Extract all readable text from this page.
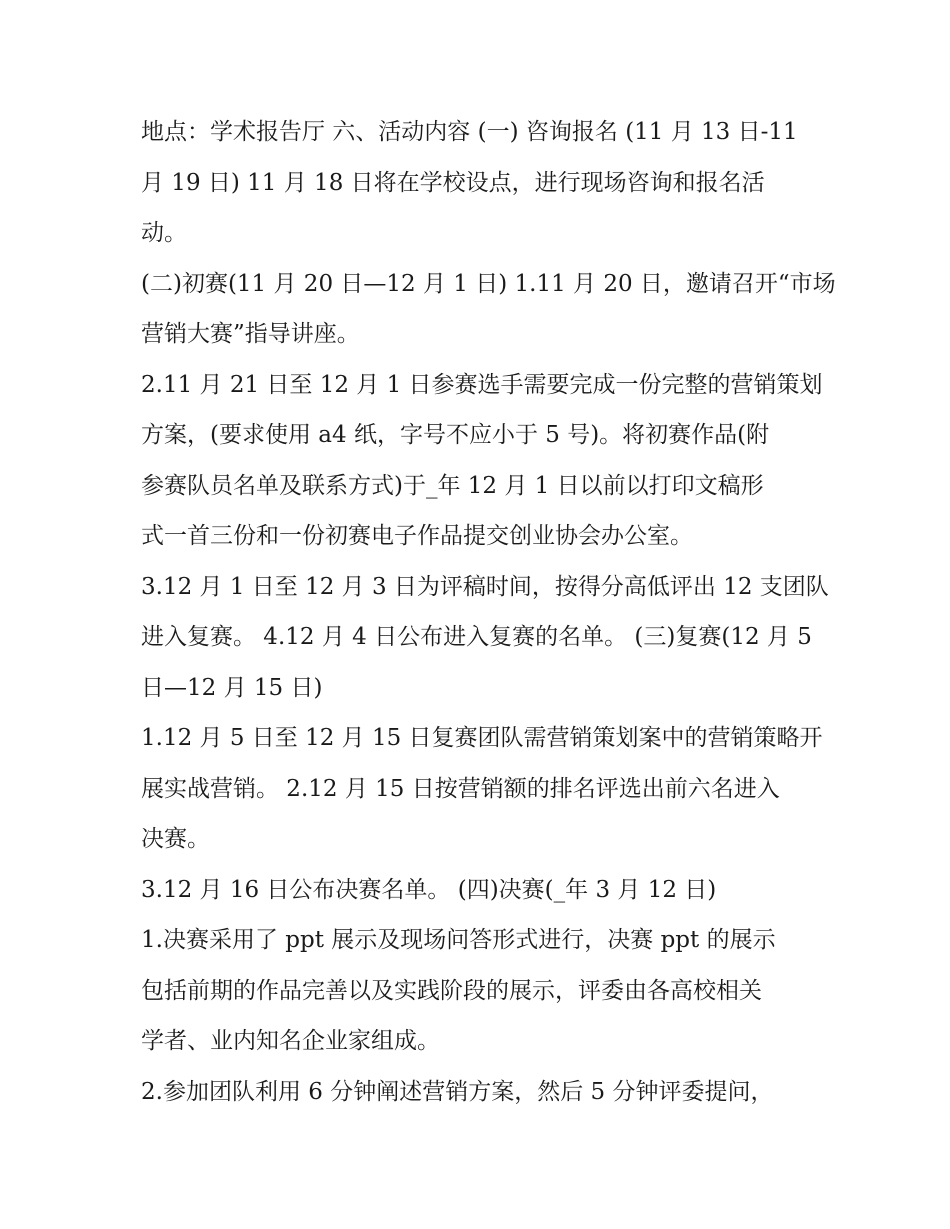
地点：学术报告厅 六、活动内容 (一) 咨询报名 (11 月 13 日-11
月 19 日) 11 月 18 日将在学校设点，进行现场咨询和报名活
动。
(二)初赛(11 月 20 日—12 月 1 日) 1.11 月 20 日，邀请召开“市场
营销大赛”指导讲座。
2.11 月 21 日至 12 月 1 日参赛选手需要完成一份完整的营销策划
方案，(要求使用 a4 纸，字号不应小于 5 号)。将初赛作品(附
参赛队员名单及联系方式)于_年 12 月 1 日以前以打印文稿形
式一首三份和一份初赛电子作品提交创业协会办公室。
3.12 月 1 日至 12 月 3 日为评稿时间，按得分高低评出 12 支团队
进入复赛。 4.12 月 4 日公布进入复赛的名单。 (三)复赛(12 月 5
日—12 月 15 日)
1.12 月 5 日至 12 月 15 日复赛团队需营销策划案中的营销策略开
展实战营销。 2.12 月 15 日按营销额的排名评选出前六名进入
决赛。
3.12 月 16 日公布决赛名单。 (四)决赛(_年 3 月 12 日)
1.决赛采用了 ppt 展示及现场问答形式进行，决赛 ppt 的展示
包括前期的作品完善以及实践阶段的展示，评委由各高校相关
学者、业内知名企业家组成。
2.参加团队利用 6 分钟阐述营销方案，然后 5 分钟评委提问，
